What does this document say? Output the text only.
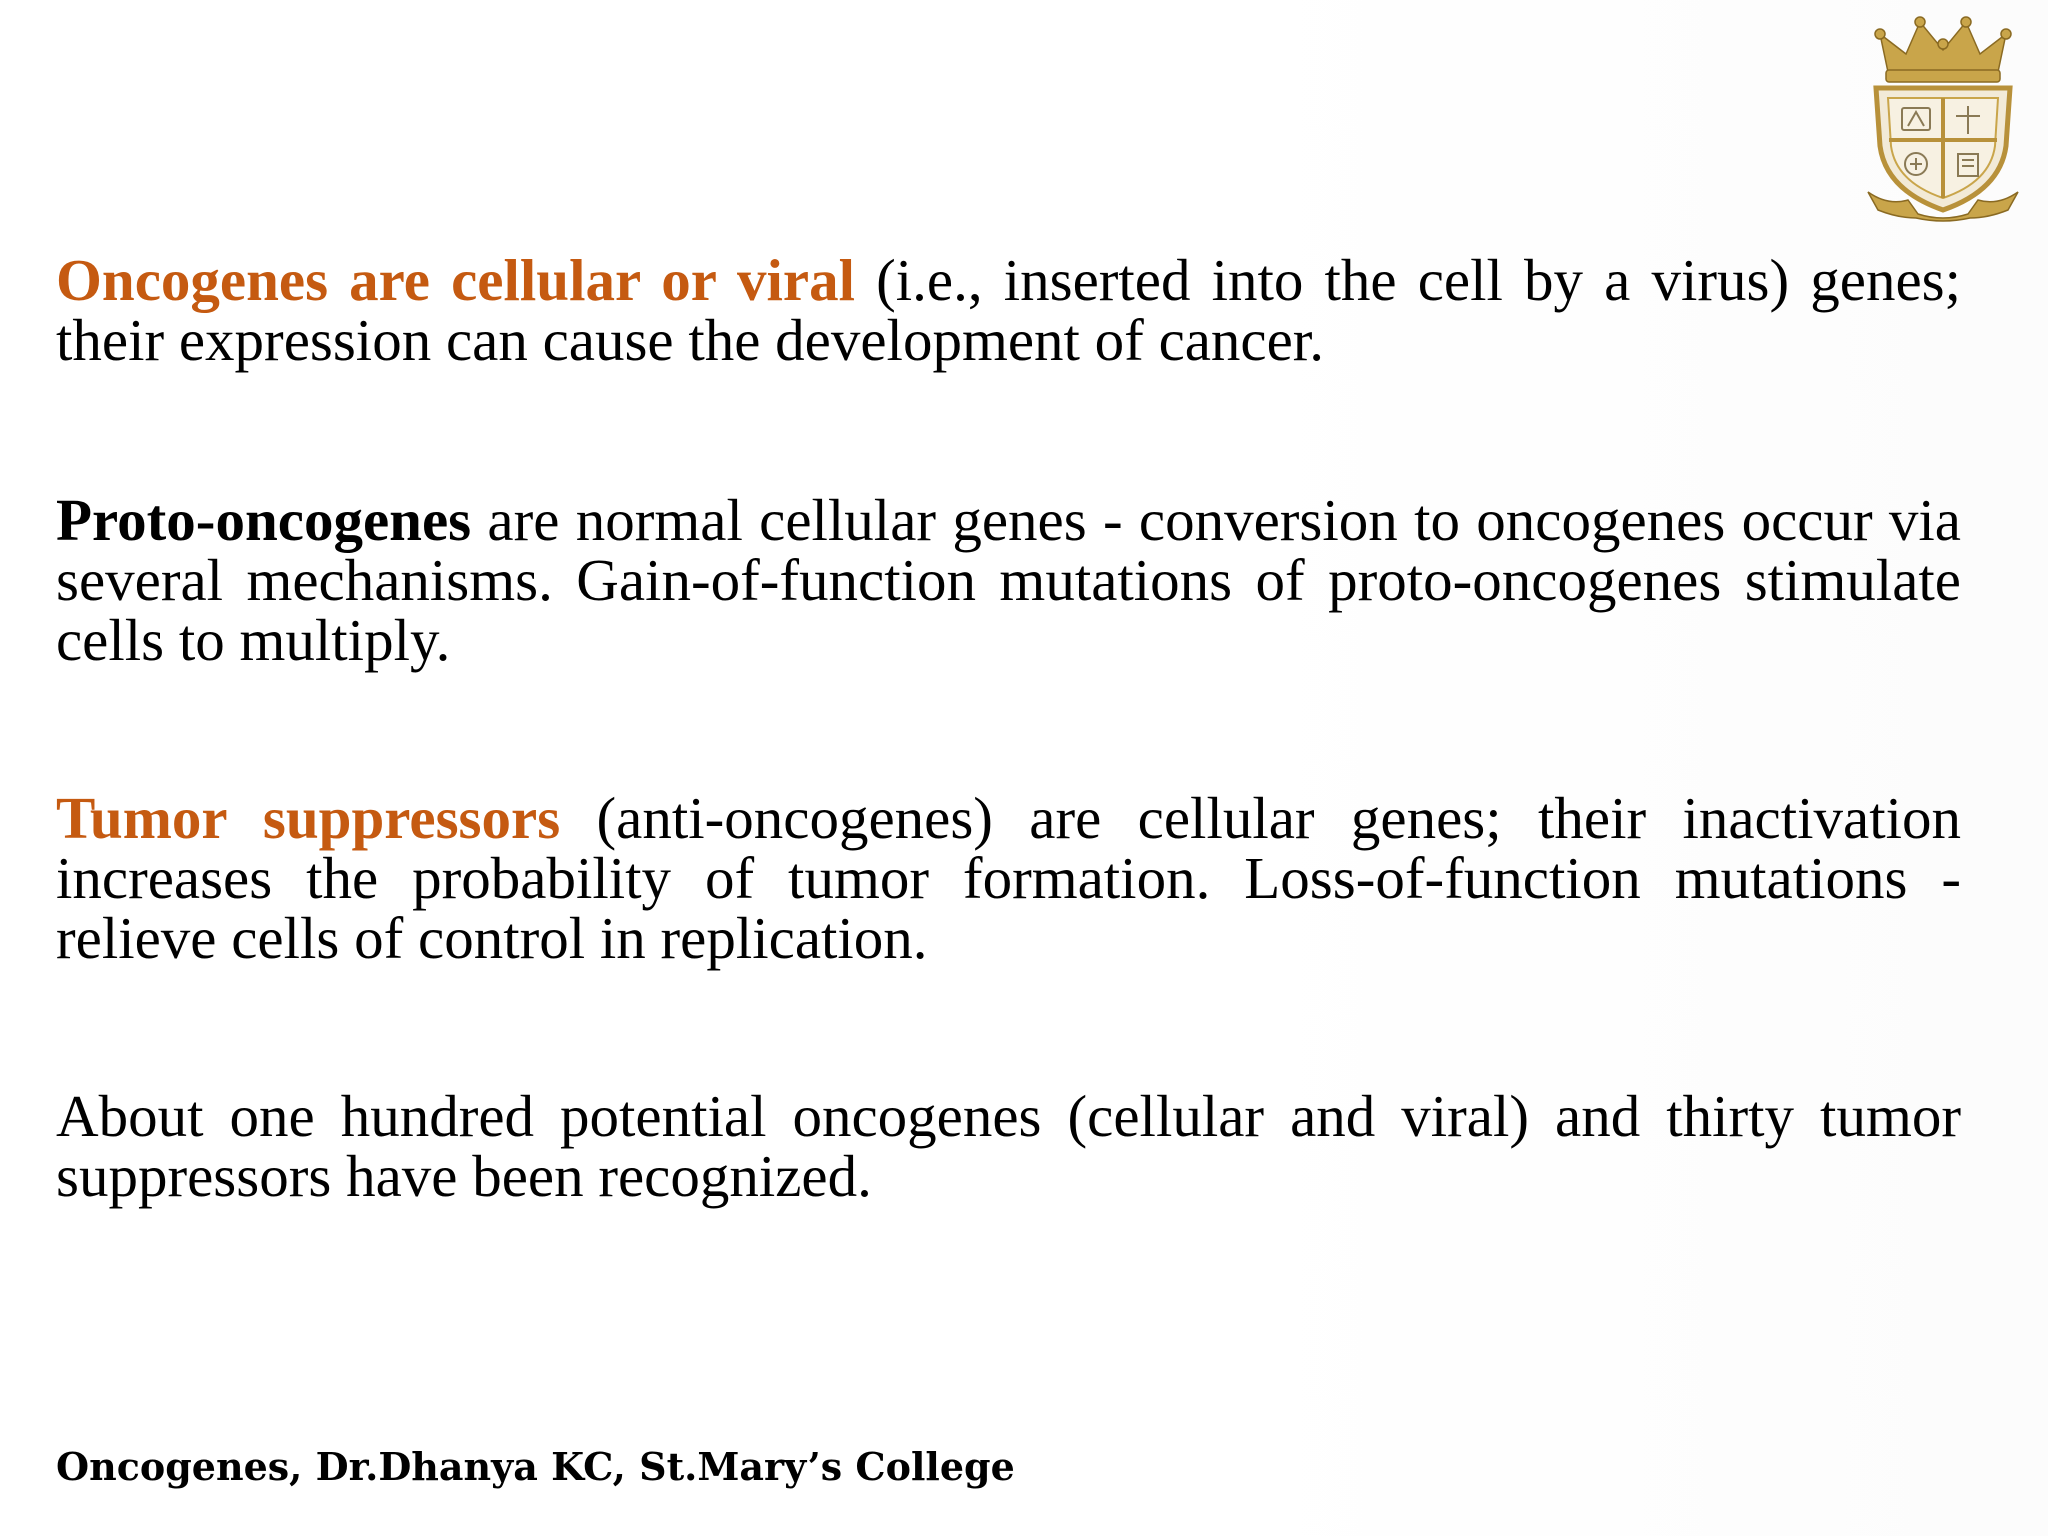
Oncogenes are cellular or viral (i.e., inserted into the cell by a virus) genes; their expression can cause the development of cancer.

Proto-oncogenes are normal cellular genes - conversion to oncogenes occur via several mechanisms. Gain-of-function mutations of proto-oncogenes stimulate cells to multiply.

Tumor suppressors (anti-oncogenes) are cellular genes; their inactivation increases the probability of tumor formation. Loss-of-function mutations - relieve cells of control in replication.

About one hundred potential oncogenes (cellular and viral) and thirty tumor suppressors have been recognized.

Oncogenes, Dr.Dhanya KC, St.Mary’s College
